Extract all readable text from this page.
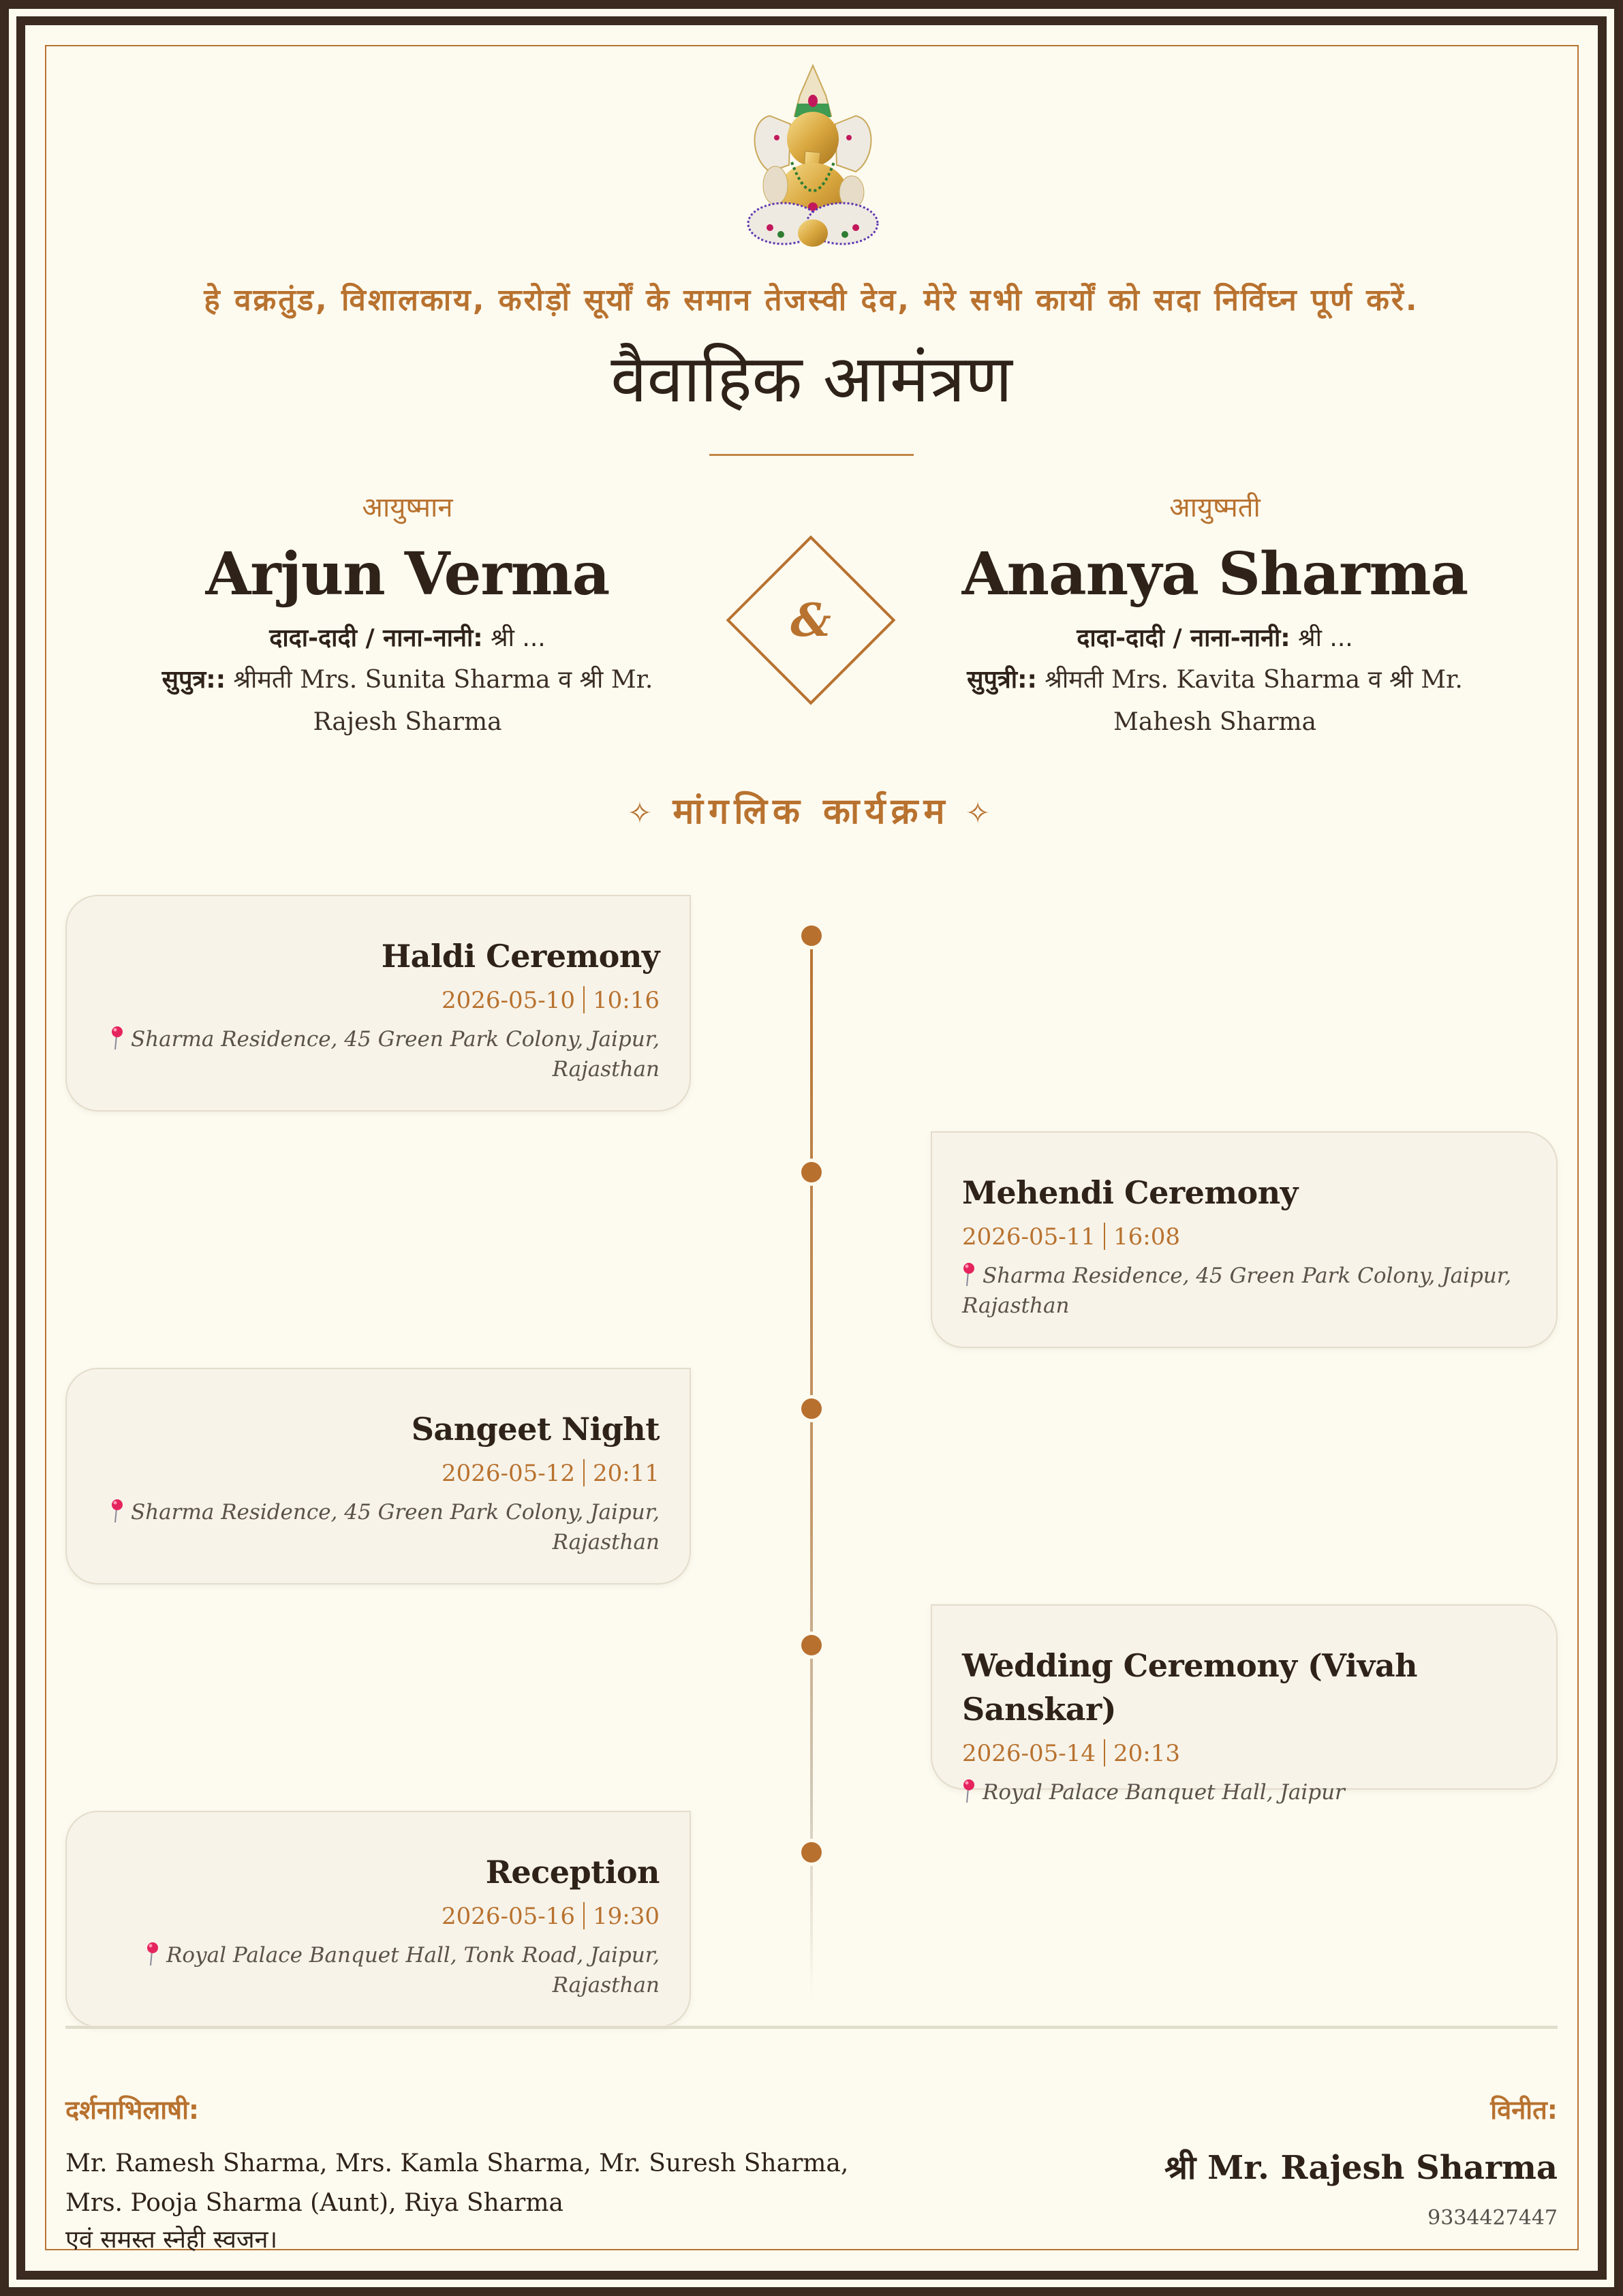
हे वक्रतुंड, विशालकाय, करोड़ों सूर्यों के समान तेजस्वी देव, मेरे सभी कार्यों को सदा निर्विघ्न पूर्ण करें.
वैवाहिक आमंत्रण
आयुष्मान
Arjun Verma
दादा-दादी / नाना-नानी: श्री ...
सुपुत्र:: श्रीमती Mrs. Sunita Sharma व श्री Mr. Rajesh Sharma
&
आयुष्मती
Ananya Sharma
दादा-दादी / नाना-नानी: श्री ...
सुपुत्री:: श्रीमती Mrs. Kavita Sharma व श्री Mr. Mahesh Sharma
✧ मांगलिक कार्यक्रम ✧
Haldi Ceremony
2026-05-10 10:16
Sharma Residence, 45 Green Park Colony, Jaipur, Rajasthan
Mehendi Ceremony
2026-05-11 16:08
Sharma Residence, 45 Green Park Colony, Jaipur, Rajasthan
Sangeet Night
2026-05-12 20:11
Sharma Residence, 45 Green Park Colony, Jaipur, Rajasthan
Wedding Ceremony (Vivah Sanskar)
2026-05-14 20:13
Royal Palace Banquet Hall, Jaipur
Reception
2026-05-16 19:30
Royal Palace Banquet Hall, Tonk Road, Jaipur, Rajasthan
दर्शनाभिलाषी:
Mr. Ramesh Sharma, Mrs. Kamla Sharma, Mr. Suresh Sharma, Mrs. Pooja Sharma (Aunt), Riya Sharma
एवं समस्त स्नेही स्वजन।
विनीत:
श्री Mr. Rajesh Sharma
9334427447
